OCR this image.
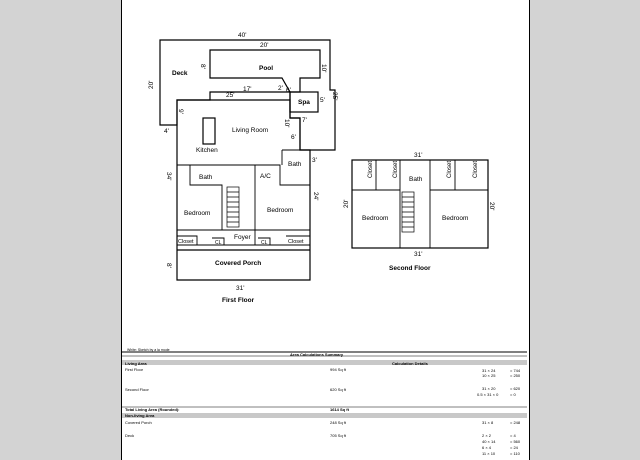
40'
20'
20'
8'	10'
17'	2' 6'
25'
5'
25'
9'
10' 7'
4'
6'
3'
34'
24'
8'
31'
31'
20'	20'
31'
Deck
Pool
Spa
Living Room
Kitchen
Bath
Bath
A/C
Bedroom	Bedroom
Foyer
Closet	Closet
CL	CL
Covered Porch
First Floor
Closet	Closet
Bath
Closet	Closet
Bedroom	Bedroom
Second Floor
White: Sketch by a la mode
Area Calculations Summary
Living Area	Calculation Details
First Floor	994 Sq ft	31 × 24	= 744
10 × 25	= 250
Second Floor	620 Sq ft	31 × 20	= 620
0.5 × 31 × 0	= 0
Total Living Area (Rounded):	1614 Sq ft
Non-living Area
Covered Porch	248 Sq ft	31 × 8	= 248
Deck	705 Sq ft	2 × 2	= 4
40 × 14	= 560
6 × 4	= 24
11 × 10	= 110
